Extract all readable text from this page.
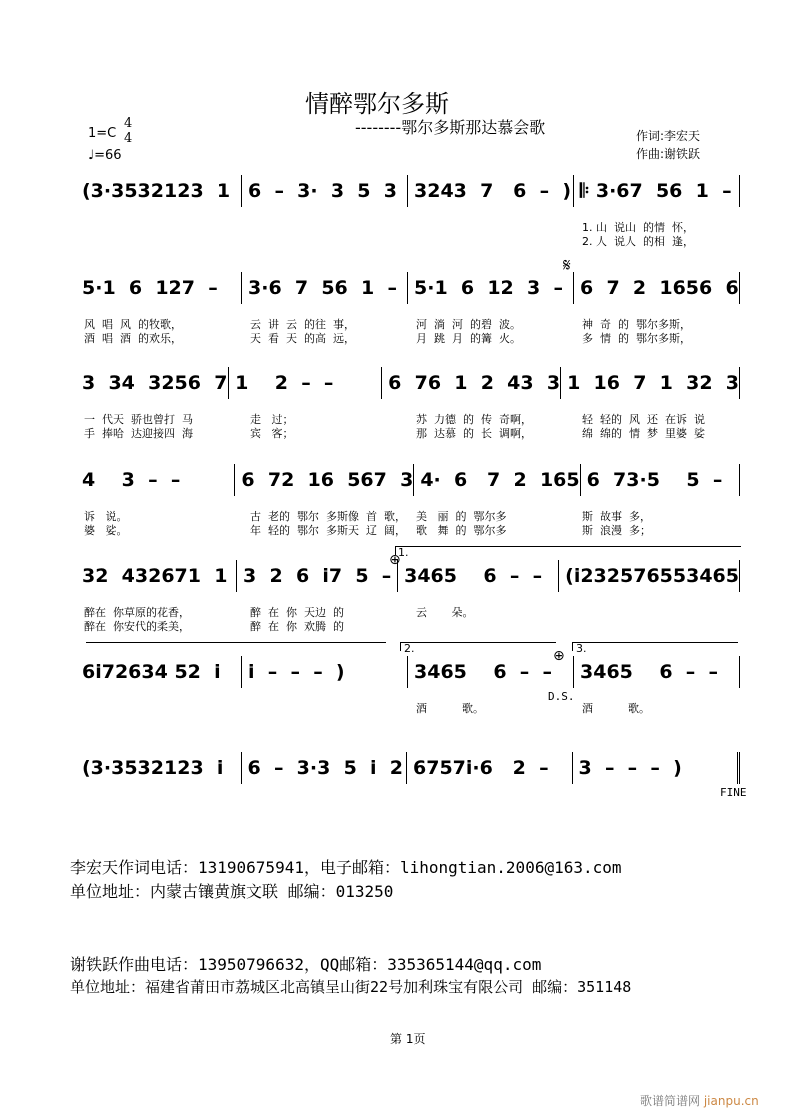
情醉鄂尔多斯
--------鄂尔多斯那达慕会歌	作词:李宏天
作曲:谢铁跃
1=C
4
4
♩=66
(3·3532123  1 6  –  3·  3  5  3 3243  7   6  –  ) 𝄆 3·67  56  1  –
1. 山  说山  的情  怀，
2. 人  说人  的相  逢，
5·1  6  127  –	3·6  7  56  1  – 5·1  6  12  3  – 6  7  2  1656  6
风  唱  风  的牧歌，	云  讲  云  的往  事，	河  淌  河  的碧  波。	神  奇  的  鄂尔多斯，
酒  唱  酒  的欢乐，	天  看  天  的高  远，	月  跳  月  的篝  火。	多  情  的  鄂尔多斯，
3  34  3256  7 1    2  –  –	6  76  1  2  43  3 1  16  7  1  32  3
一  代天  骄也曾打  马	走   过；	苏  力德  的  传  奇啊，	轻  轻的  风  还  在诉  说
手  捧哈  达迎接四  海	宾   客；	那  达慕  的  长  调啊，	绵  绵的  情  梦  里婆  娑
4    3  –  –	6  72  16  567  3 4·  6   7  2  165 6  73·5    5  –
诉   说。	古  老的  鄂尔  多斯像  首  歌， 美   丽  的  鄂尔多	斯  故事  多，
婆   娑。	年  轻的  鄂尔  多斯天  辽  阔， 歌   舞  的  鄂尔多	斯  浪漫  多；
32  432671  1 3  2  6  i7  5  – 3465    6  –  –	(i232576553465
醉在  你草原的花香，	醉  在  你  天边  的	云       朵。
醉在  你安代的柔美，	醉  在  你  欢腾  的
6i72634 52  i	i  –  –  –  )	3465    6  –  –	3465    6  –  –
酒          歌。	酒          歌。
(3·3532123  i	6  –  3·3  5  i  2 6757i·6   2  –	3  –  –  –  )
𝄋
1.
⊕
2.	⊕ 3.
D.S.
FINE
李宏天作词电话：13190675941，电子邮箱：lihongtian.2006@163.com
单位地址：内蒙古镶黄旗文联 邮编：013250
谢铁跃作曲电话：13950796632，QQ邮箱：335365144@qq.com
单位地址：福建省莆田市荔城区北高镇呈山街22号加利珠宝有限公司 邮编：351148
第 1页
歌谱简谱网 jianpu.cn
